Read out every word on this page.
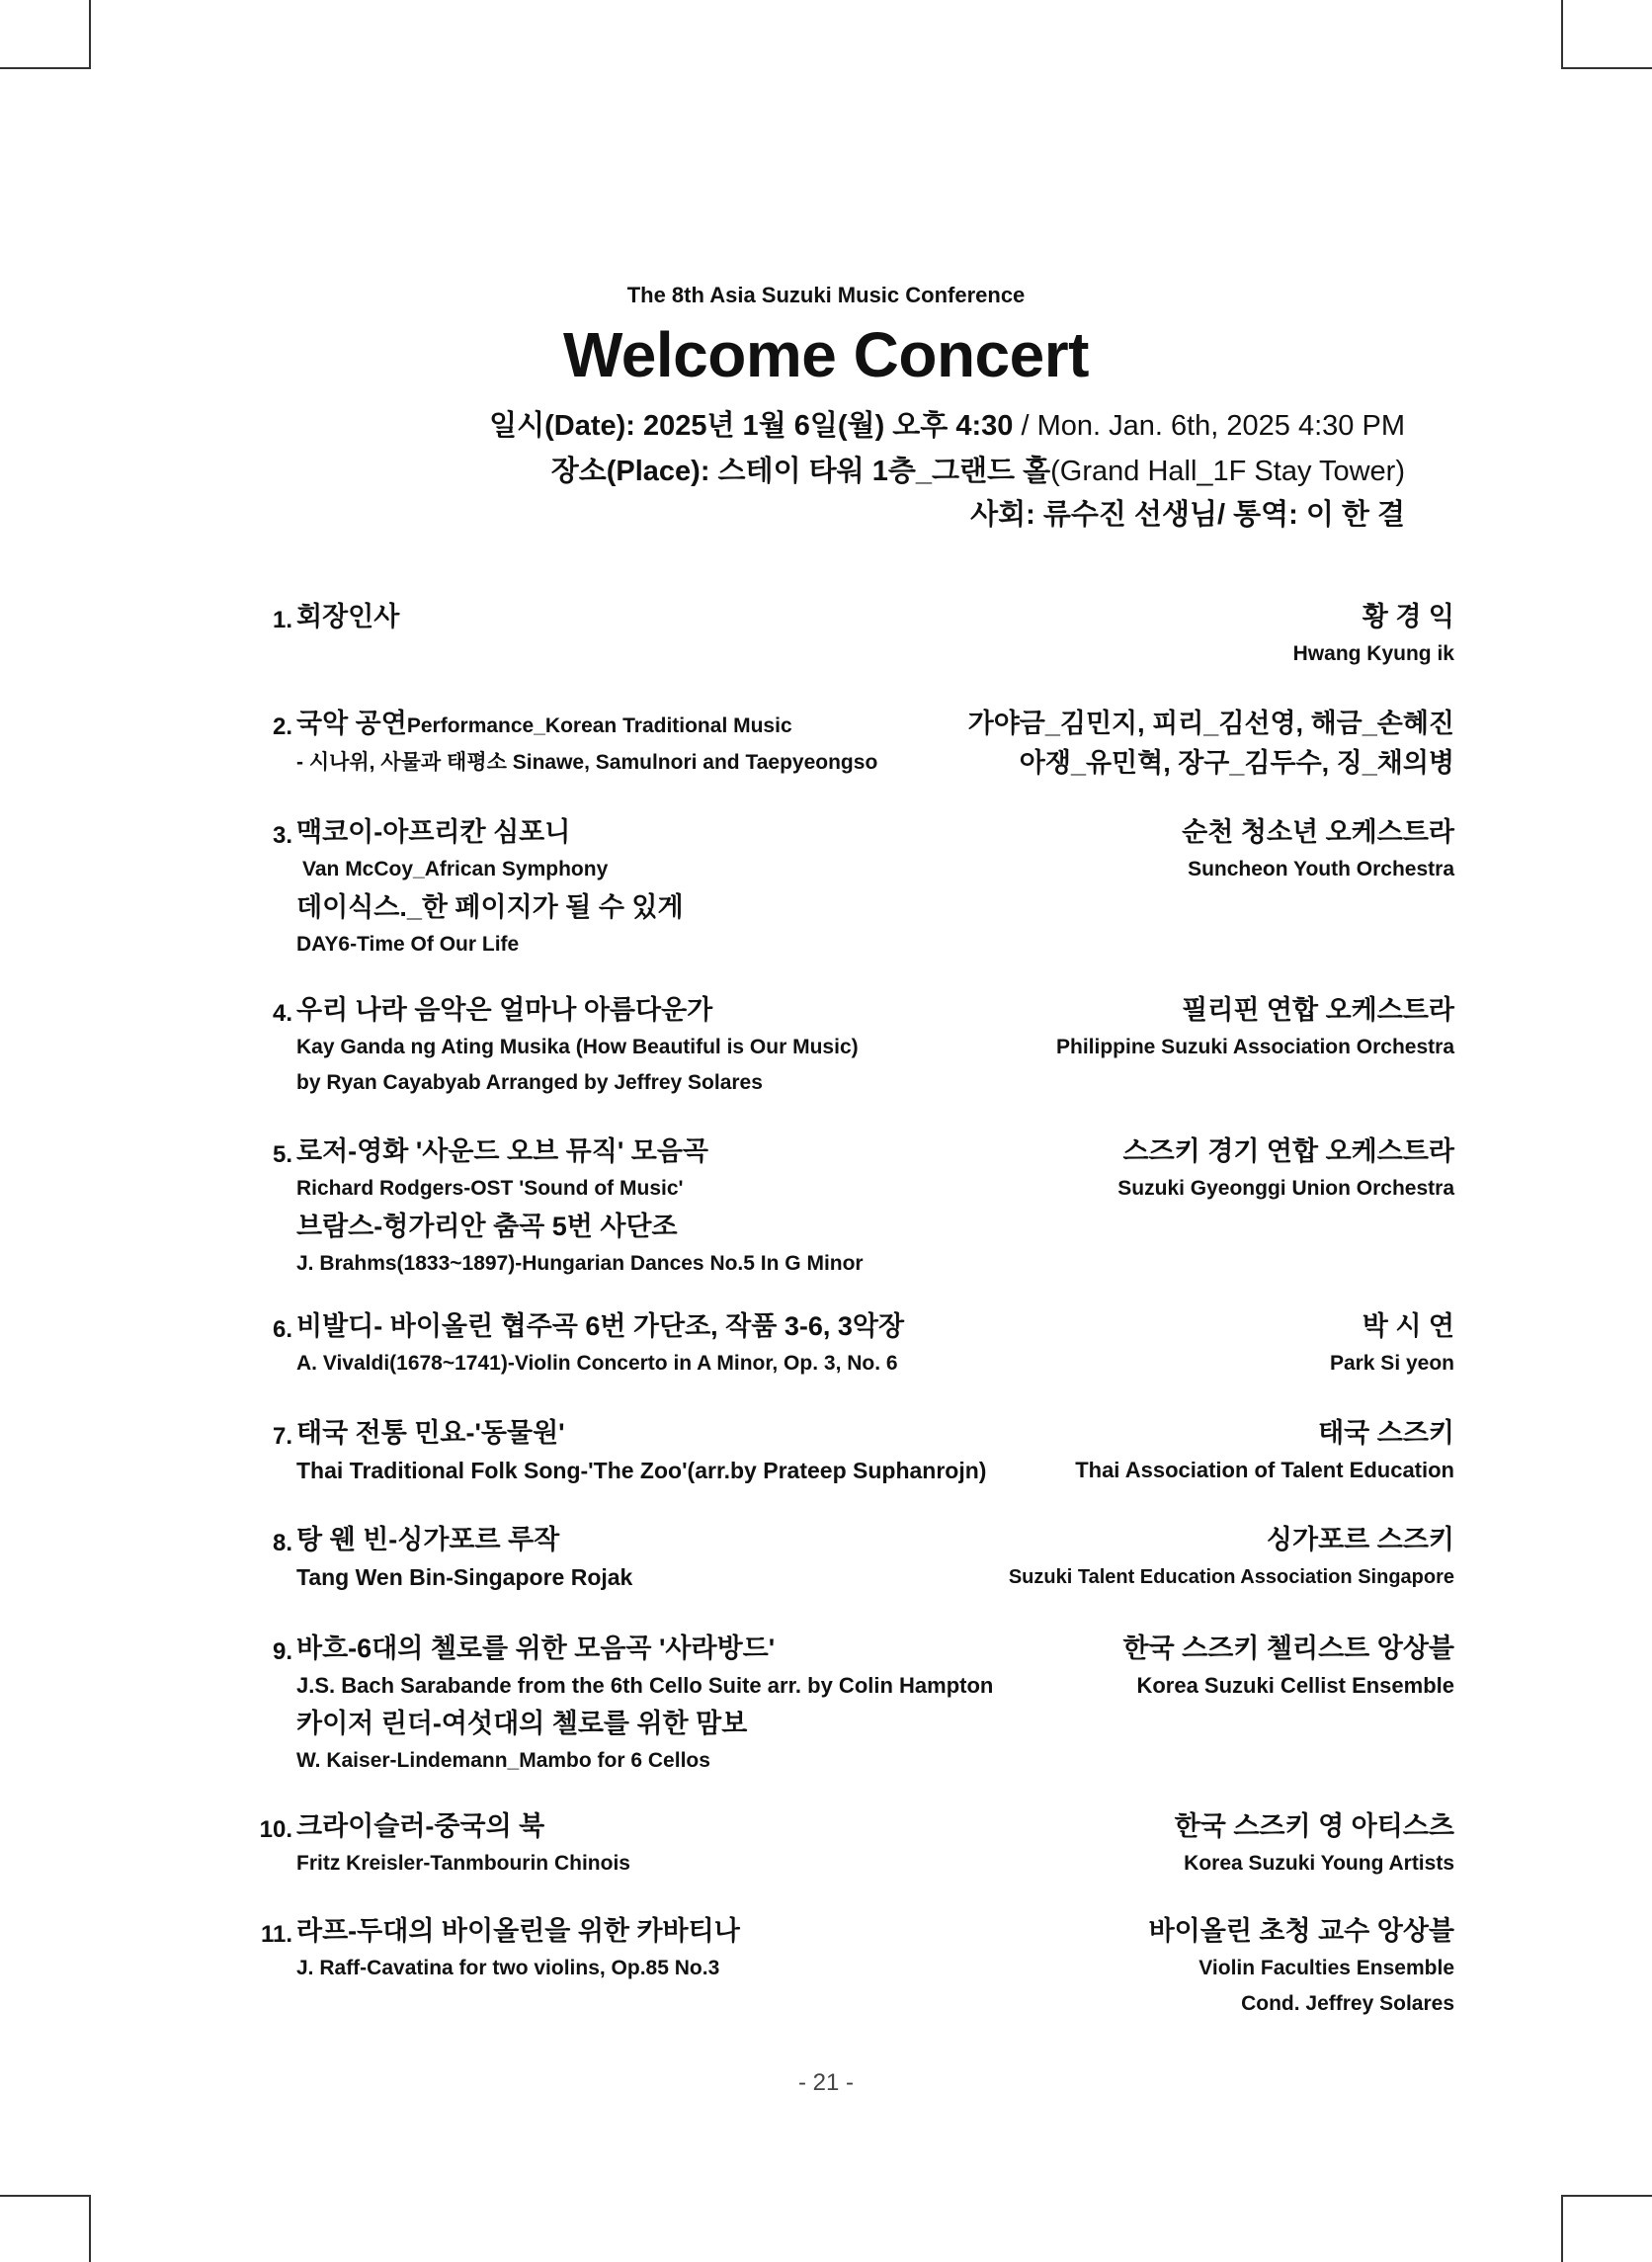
The 8th Asia Suzuki Music Conference
Welcome Concert
일시(Date): 2025년 1월 6일(월) 오후 4:30 / Mon. Jan. 6th, 2025 4:30 PM
장소(Place): 스테이 타워 1층_그랜드 홀(Grand Hall_1F Stay Tower)
사회: 류수진 선생님/ 통역: 이 한 결
1. 회장인사	황 경 익
Hwang Kyung ik
2. 국악 공연Performance_Korean Traditional Music	가야금_김민지, 피리_김선영, 해금_손혜진
- 시나위, 사물과 태평소 Sinawe, Samulnori and Taepyeongso	아쟁_유민혁, 장구_김두수, 징_채의병
3. 맥코이-아프리칸 심포니	순천 청소년 오케스트라
Van McCoy_African Symphony	Suncheon Youth Orchestra
데이식스._한 페이지가 될 수 있게
DAY6-Time Of Our Life
4. 우리 나라 음악은 얼마나 아름다운가	필리핀 연합 오케스트라
Kay Ganda ng Ating Musika (How Beautiful is Our Music)	Philippine Suzuki Association Orchestra
by Ryan Cayabyab Arranged by Jeffrey Solares
5. 로저-영화 '사운드 오브 뮤직' 모음곡	스즈키 경기 연합 오케스트라
Richard Rodgers-OST 'Sound of Music'	Suzuki Gyeonggi Union Orchestra
브람스-헝가리안 춤곡 5번 사단조
J. Brahms(1833~1897)-Hungarian Dances No.5 In G Minor
6. 비발디- 바이올린 협주곡 6번 가단조, 작품 3-6, 3악장	박 시 연
A. Vivaldi(1678~1741)-Violin Concerto in A Minor, Op. 3, No. 6	Park Si yeon
7. 태국 전통 민요-'동물원'	태국 스즈키
Thai Traditional Folk Song-'The Zoo'(arr.by Prateep Suphanrojn)	Thai Association of Talent Education
8. 탕 웬 빈-싱가포르 루작	싱가포르 스즈키
Tang Wen Bin-Singapore Rojak	Suzuki Talent Education Association Singapore
9. 바흐-6대의 첼로를 위한 모음곡 '사라방드'	한국 스즈키 첼리스트 앙상블
J.S. Bach Sarabande from the 6th Cello Suite arr. by Colin Hampton	Korea Suzuki Cellist Ensemble
카이저 린더-여섯대의 첼로를 위한 맘보
W. Kaiser-Lindemann_Mambo for 6 Cellos
10. 크라이슬러-중국의 북	한국 스즈키 영 아티스츠
Fritz Kreisler-Tanmbourin Chinois	Korea Suzuki Young Artists
11. 라프-두대의 바이올린을 위한 카바티나	바이올린 초청 교수 앙상블
J. Raff-Cavatina for two violins, Op.85 No.3	Violin Faculties Ensemble
Cond. Jeffrey Solares
- 21 -
